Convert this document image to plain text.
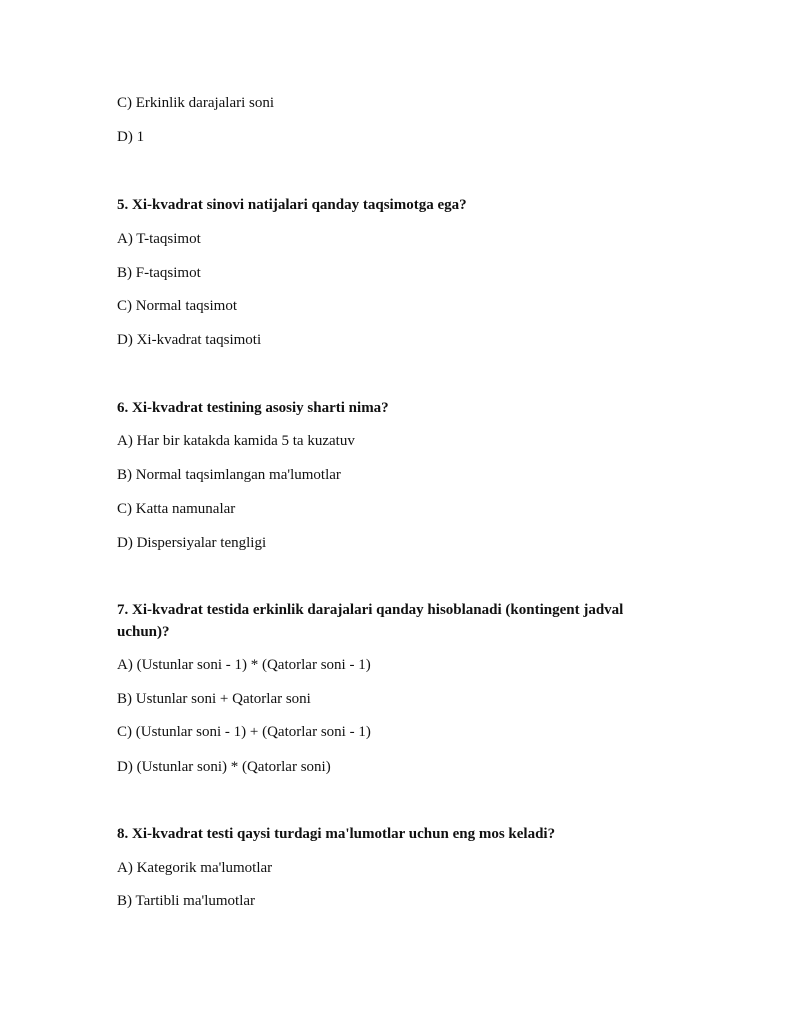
C) Erkinlik darajalari soni
D) 1
5. Xi-kvadrat sinovi natijalari qanday taqsimotga ega?
A) T-taqsimot
B) F-taqsimot
C) Normal taqsimot
D) Xi-kvadrat taqsimoti
6. Xi-kvadrat testining asosiy sharti nima?
A) Har bir katakda kamida 5 ta kuzatuv
B) Normal taqsimlangan ma'lumotlar
C) Katta namunalar
D) Dispersiyalar tengligi
7. Xi-kvadrat testida erkinlik darajalari qanday hisoblanadi (kontingent jadval uchun)?
A) (Ustunlar soni - 1) * (Qatorlar soni - 1)
B) Ustunlar soni + Qatorlar soni
C) (Ustunlar soni - 1) + (Qatorlar soni - 1)
D) (Ustunlar soni) * (Qatorlar soni)
8. Xi-kvadrat testi qaysi turdagi ma'lumotlar uchun eng mos keladi?
A) Kategorik ma'lumotlar
B) Tartibli ma'lumotlar
